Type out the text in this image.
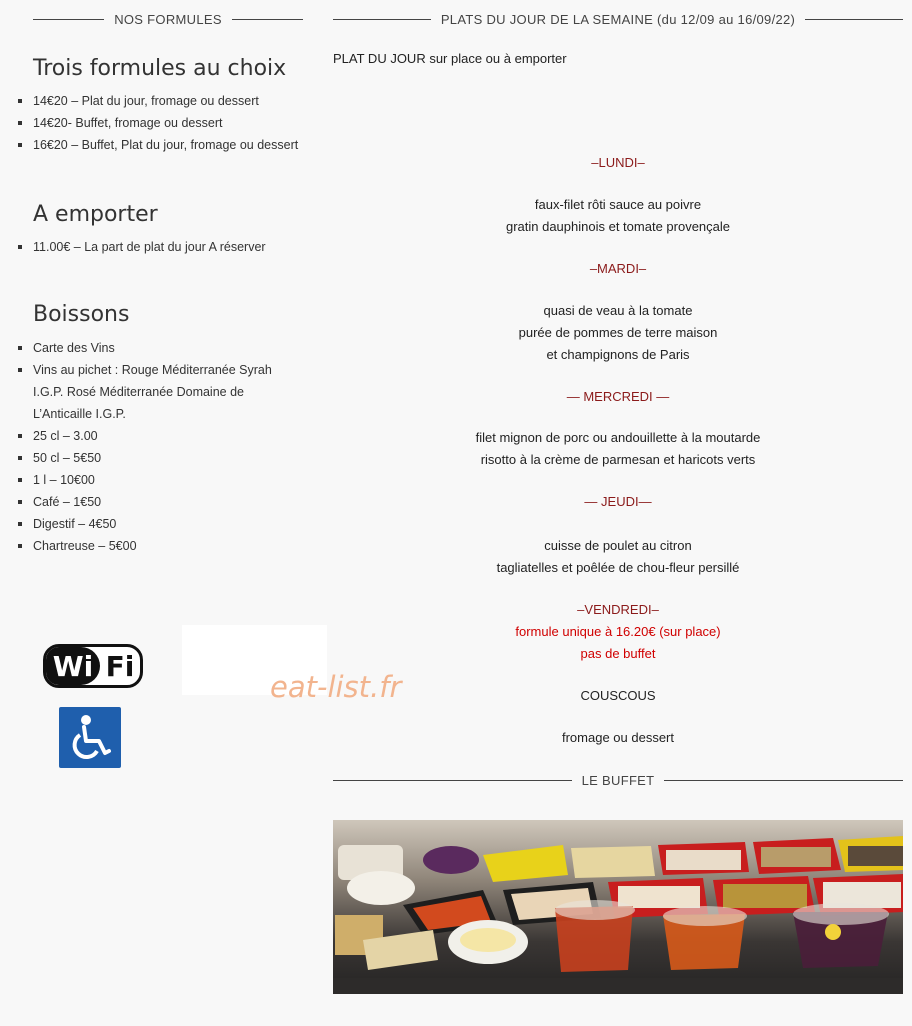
NOS FORMULES
Trois formules au choix
14€20 – Plat du jour, fromage ou dessert
14€20- Buffet, fromage ou dessert
16€20 – Buffet, Plat du jour, fromage ou dessert
A emporter
11.00€ – La part de plat du jour A réserver
Boissons
Carte des Vins
Vins au pichet : Rouge Méditerranée Syrah I.G.P. Rosé Méditerranée Domaine de L’Anticaille I.G.P.
25 cl – 3.00
50 cl – 5€50
1 l – 10€00
Café – 1€50
Digestif – 4€50
Chartreuse – 5€00
Wi Fi
eat-list.fr
PLATS DU JOUR DE LA SEMAINE (du 12/09 au 16/09/22)
PLAT DU JOUR sur place ou à emporter
–LUNDI–
faux-filet rôti sauce au poivre
gratin dauphinois et tomate provençale
–MARDI–
quasi de veau à la tomate
purée de pommes de terre maison
et champignons de Paris
— MERCREDI —
filet mignon de porc ou andouillette à la moutarde
risotto à la crème de parmesan et haricots verts
— JEUDI—
cuisse de poulet au citron
tagliatelles et poêlée de chou-fleur persillé
–VENDREDI–
formule unique à 16.20€ (sur place)
pas de buffet
COUSCOUS
fromage ou dessert
LE BUFFET
